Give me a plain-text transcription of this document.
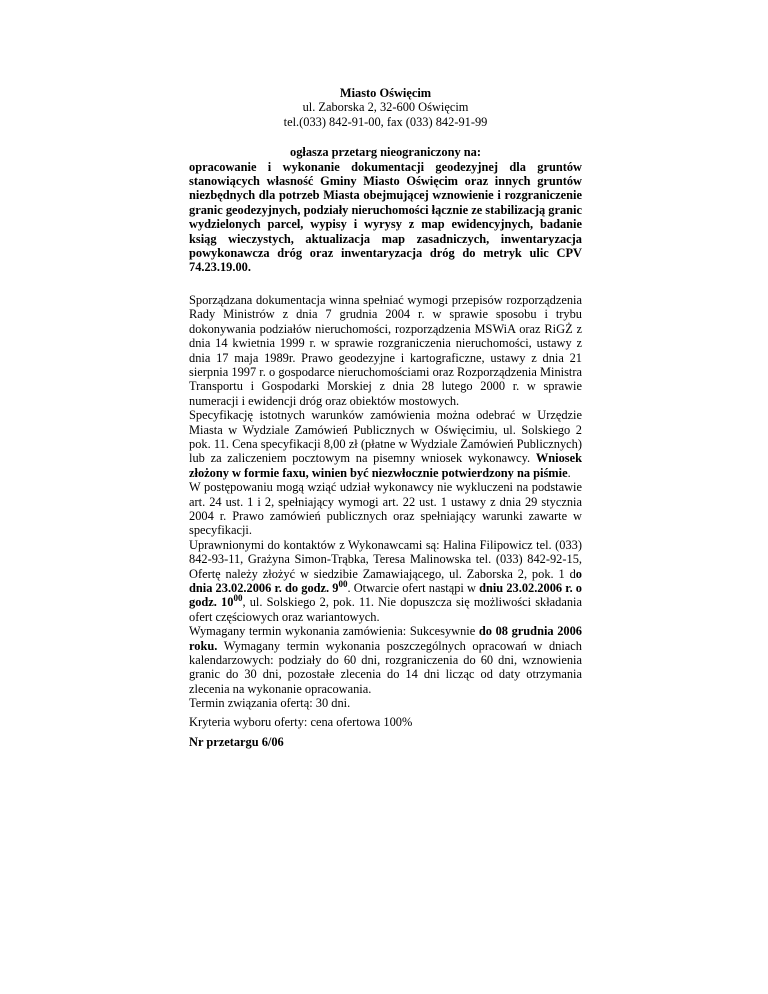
Miasto Oświęcim

ul. Zaborska 2, 32-600 Oświęcim

tel.(033) 842-91-00, fax (033) 842-91-99

ogłasza przetarg nieograniczony na:

opracowanie i wykonanie dokumentacji geodezyjnej dla gruntów stanowiących własność Gminy Miasto Oświęcim oraz innych gruntów niezbędnych dla potrzeb Miasta obejmującej wznowienie i rozgraniczenie granic geodezyjnych, podziały nieruchomości łącznie ze stabilizacją granic wydzielonych parcel, wypisy i wyrysy z map ewidencyjnych, badanie ksiąg wieczystych, aktualizacja map zasadniczych, inwentaryzacja powykonawcza dróg oraz inwentaryzacja dróg do metryk ulic CPV 74.23.19.00.

Sporządzana dokumentacja winna spełniać wymogi przepisów rozporządzenia Rady Ministrów z dnia 7 grudnia 2004 r. w sprawie sposobu i trybu dokonywania podziałów nieruchomości, rozporządzenia MSWiA oraz RiGŻ z dnia 14 kwietnia 1999 r. w sprawie rozgraniczenia nieruchomości, ustawy z dnia 17 maja 1989r. Prawo geodezyjne i kartograficzne, ustawy z dnia 21 sierpnia 1997 r. o gospodarce nieruchomościami oraz Rozporządzenia Ministra Transportu i Gospodarki Morskiej z dnia 28 lutego 2000 r. w sprawie numeracji i ewidencji dróg oraz obiektów mostowych.

Specyfikację istotnych warunków zamówienia można odebrać w Urzędzie Miasta w Wydziale Zamówień Publicznych w Oświęcimiu, ul. Solskiego 2 pok. 11. Cena specyfikacji 8,00 zł (płatne w Wydziale Zamówień Publicznych) lub za zaliczeniem pocztowym na pisemny wniosek wykonawcy. Wniosek złożony w formie faxu, winien być niezwłocznie potwierdzony na piśmie.

W postępowaniu mogą wziąć udział wykonawcy nie wykluczeni na podstawie art. 24 ust. 1 i 2, spełniający wymogi art. 22 ust. 1 ustawy z dnia 29 stycznia 2004 r. Prawo zamówień publicznych oraz spełniający warunki zawarte w specyfikacji.

Uprawnionymi do kontaktów z Wykonawcami są: Halina Filipowicz tel. (033) 842-93-11, Grażyna Simon-Trąbka, Teresa Malinowska tel. (033) 842-92-15, Ofertę należy złożyć w siedzibie Zamawiającego, ul. Zaborska 2, pok. 1 do dnia 23.02.2006 r. do godz. $9^{00}$. Otwarcie ofert nastąpi w dniu 23.02.2006 r. o godz. $10^{00}$, ul. Solskiego 2, pok. 11. Nie dopuszcza się możliwości składania ofert częściowych oraz wariantowych.

Wymagany termin wykonania zamówienia: Sukcesywnie do 08 grudnia 2006 roku. Wymagany termin wykonania poszczególnych opracowań w dniach kalendarzowych: podziały do 60 dni, rozgraniczenia do 60 dni, wznowienia granic do 30 dni, pozostałe zlecenia do 14 dni licząc od daty otrzymania zlecenia na wykonanie opracowania.

Termin związania ofertą: 30 dni.

Kryteria wyboru oferty: cena ofertowa 100%

Nr przetargu 6/06
